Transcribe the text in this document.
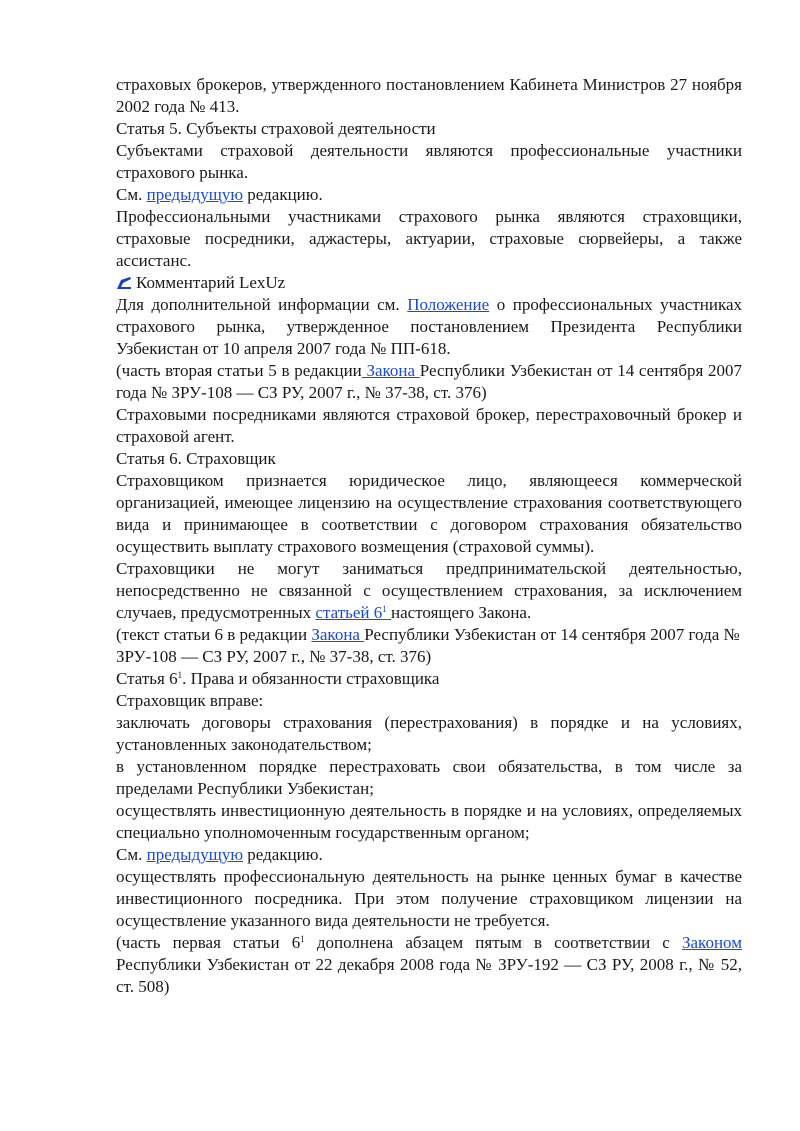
страховых брокеров, утвержденного постановлением Кабинета Министров 27 ноября 2002 года № 413.

Статья 5. Субъекты страховой деятельности

Субъектами страховой деятельности являются профессиональные участники страхового рынка.

См. предыдущую редакцию.

Профессиональными участниками страхового рынка являются страховщики, страховые посредники, аджастеры, актуарии, страховые сюрвейеры, а также ассистанс.

Комментарий LexUz

Для дополнительной информации см. Положение о профессиональных участниках страхового рынка, утвержденное постановлением Президента Республики Узбекистан от 10 апреля 2007 года № ПП-618.

(часть вторая статьи 5 в редакции Закона Республики Узбекистан от 14 сентября 2007 года № ЗРУ-108 — СЗ РУ, 2007 г., № 37-38, ст. 376)

Страховыми посредниками являются страховой брокер, перестраховочный брокер и страховой агент.

Статья 6. Страховщик

Страховщиком признается юридическое лицо, являющееся коммерческой организацией, имеющее лицензию на осуществление страхования соответствующего вида и принимающее в соответствии с договором страхования обязательство осуществить выплату страхового возмещения (страховой суммы).

Страховщики не могут заниматься предпринимательской деятельностью, непосредственно не связанной с осуществлением страхования, за исключением случаев, предусмотренных статьей 6$^1$ настоящего Закона.

(текст статьи 6 в редакции Закона Республики Узбекистан от 14 сентября 2007 года № ЗРУ-108 — СЗ РУ, 2007 г., № 37-38, ст. 376)

Статья $6^1$. Права и обязанности страховщика

Страховщик вправе:

заключать договоры страхования (перестрахования) в порядке и на условиях, установленных законодательством;

в установленном порядке перестраховать свои обязательства, в том числе за пределами Республики Узбекистан;

осуществлять инвестиционную деятельность в порядке и на условиях, определяемых специально уполномоченным государственным органом;

См. предыдущую редакцию.

осуществлять профессиональную деятельность на рынке ценных бумаг в качестве инвестиционного посредника. При этом получение страховщиком лицензии на осуществление указанного вида деятельности не требуется.

(часть первая статьи $6^1$ дополнена абзацем пятым в соответствии с Законом Республики Узбекистан от 22 декабря 2008 года № ЗРУ-192 — СЗ РУ, 2008 г., № 52, ст. 508)
